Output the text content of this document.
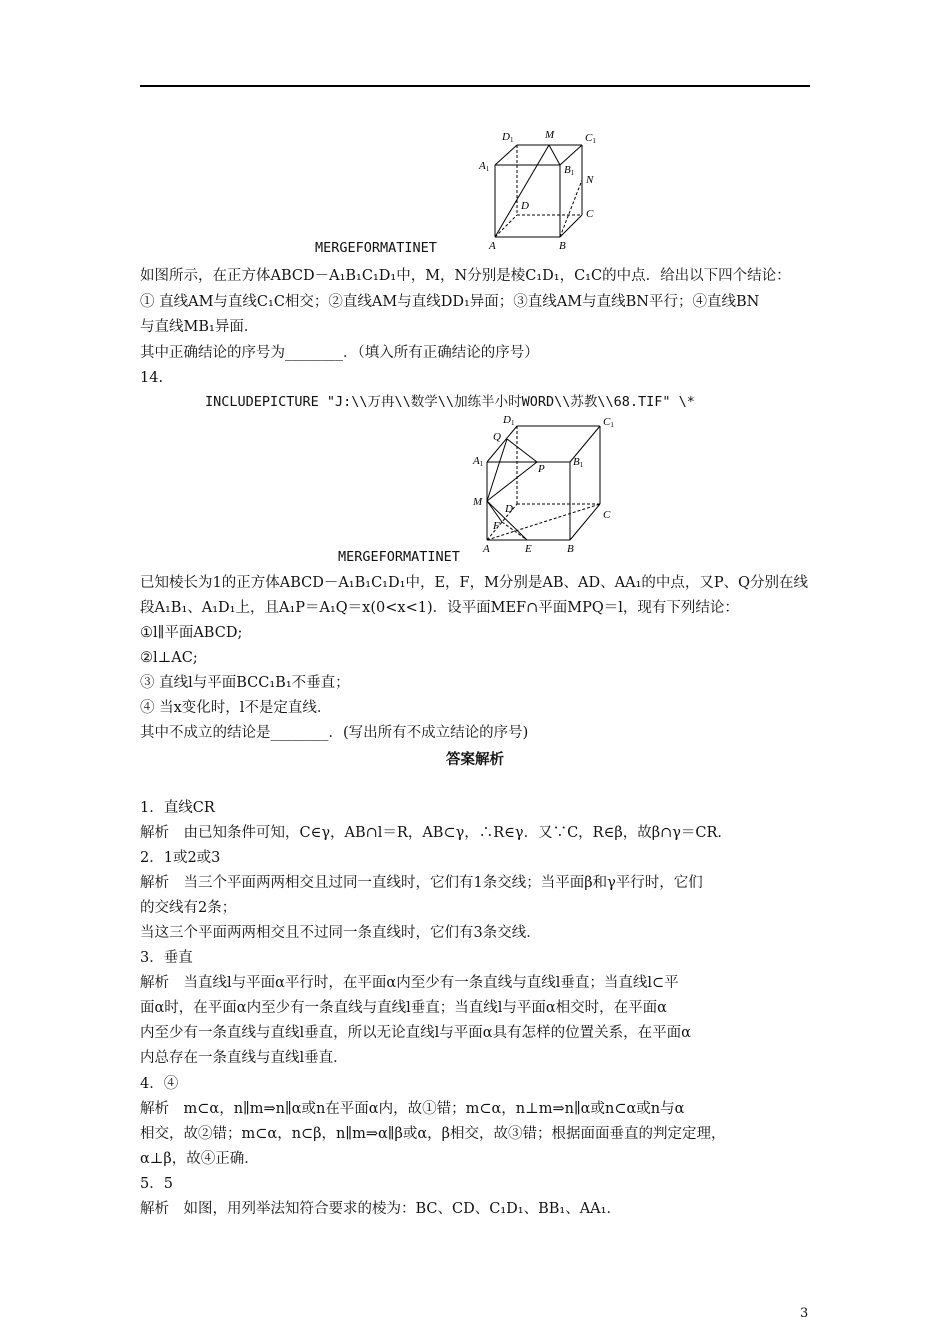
D1	M	C1
A1	B1
N
D
C
A	B
MERGEFORMATINET
如图所示，在正方体ABCD－A₁B₁C₁D₁中，M，N分别是棱C₁D₁，C₁C的中点．给出以下四个结论：
① 直线AM与直线C₁C相交；②直线AM与直线DD₁异面；③直线AM与直线BN平行；④直线BN
与直线MB₁异面．
其中正确结论的序号为________．（填入所有正确结论的序号）
14.
INCLUDEPICTURE "J:\\万冉\\数学\\加练半小时WORD\\苏教\\68.TIF" \*
D1	C1
Q
A1	P
B1
M
D	C
F
A	E	B
MERGEFORMATINET
已知棱长为1的正方体ABCD－A₁B₁C₁D₁中，E，F，M分别是AB、AD、AA₁的中点，又P、Q分别在线
段A₁B₁、A₁D₁上，且A₁P＝A₁Q＝x(0<x<1)．设平面MEF∩平面MPQ＝l，现有下列结论：
①l∥平面ABCD;
②l⊥AC;
③ 直线l与平面BCC₁B₁不垂直；
④ 当x变化时，l不是定直线．
其中不成立的结论是________．(写出所有不成立结论的序号)
答案解析
1．直线CR
解析　由已知条件可知，C∈γ，AB∩l＝R，AB⊂γ，∴R∈γ．又∵C，R∈β，故β∩γ＝CR．
2．1或2或3
解析　当三个平面两两相交且过同一直线时，它们有1条交线；当平面β和γ平行时，它们
的交线有2条；
当这三个平面两两相交且不过同一条直线时，它们有3条交线．
3．垂直
解析　当直线l与平面α平行时，在平面α内至少有一条直线与直线l垂直；当直线l⊂平
面α时，在平面α内至少有一条直线与直线l垂直；当直线l与平面α相交时，在平面α
内至少有一条直线与直线l垂直，所以无论直线l与平面α具有怎样的位置关系，在平面α
内总存在一条直线与直线l垂直．
4．④
解析　m⊂α，n∥m⇒n∥α或n在平面α内，故①错；m⊂α，n⊥m⇒n∥α或n⊂α或n与α
相交，故②错；m⊂α，n⊂β，n∥m⇒α∥β或α，β相交，故③错；根据面面垂直的判定定理，
α⊥β，故④正确．
5．5
解析　如图，用列举法知符合要求的棱为：BC、CD、C₁D₁、BB₁、AA₁．
3
